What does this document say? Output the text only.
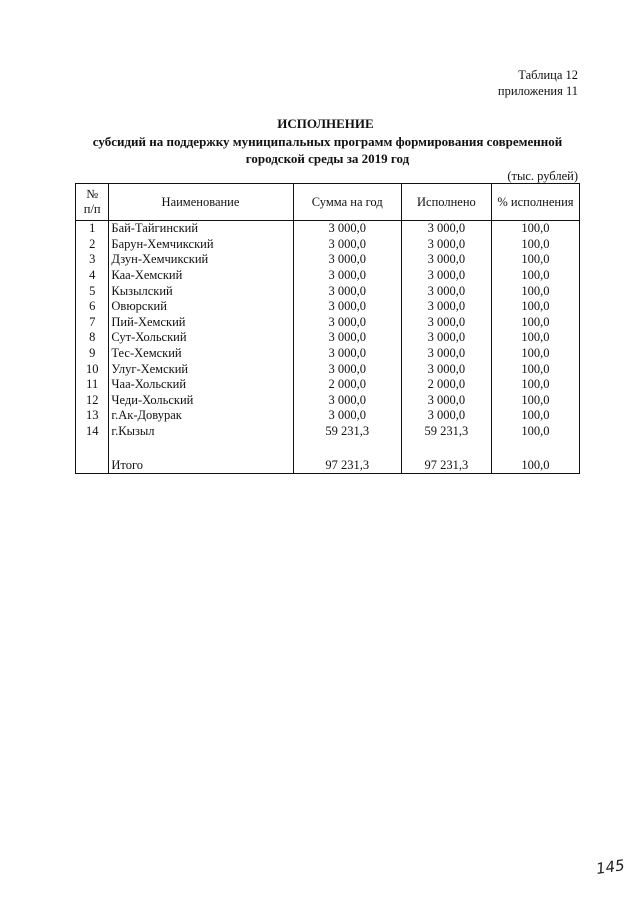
Таблица 12
приложения 11
ИСПОЛНЕНИЕ
субсидий на поддержку муниципальных программ формирования современной
городской среды за 2019 год
(тыс. рублей)
№
п/п	Наименование	Сумма на год	Исполнено	% исполнения
1	Бай-Тайгинский	3 000,0	3 000,0	100,0
2	Барун-Хемчикский	3 000,0	3 000,0	100,0
3	Дзун-Хемчикский	3 000,0	3 000,0	100,0
4	Каа-Хемский	3 000,0	3 000,0	100,0
5	Кызылский	3 000,0	3 000,0	100,0
6	Овюрский	3 000,0	3 000,0	100,0
7	Пий-Хемский	3 000,0	3 000,0	100,0
8	Сут-Хольский	3 000,0	3 000,0	100,0
9	Тес-Хемский	3 000,0	3 000,0	100,0
10	Улуг-Хемский	3 000,0	3 000,0	100,0
11	Чаа-Хольский	2 000,0	2 000,0	100,0
12	Чеди-Хольский	3 000,0	3 000,0	100,0
13	г.Ак-Довурак	3 000,0	3 000,0	100,0
14	г.Кызыл	59 231,3	59 231,3	100,0

	Итого	97 231,3	97 231,3	100,0
145
